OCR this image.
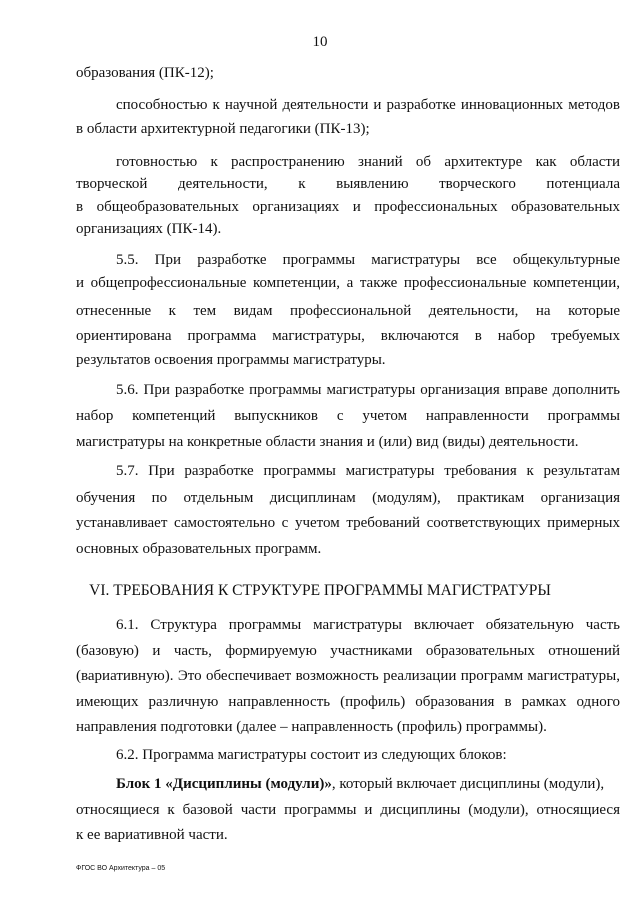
10
образования (ПК-12);
способностью к научной деятельности и разработке инновационных методов
в области архитектурной педагогики (ПК-13);
готовностью к распространению знаний об архитектуре как области
творческой деятельности, к выявлению творческого потенциала
в общеобразовательных организациях и профессиональных образовательных
организациях (ПК-14).
5.5. При разработке программы магистратуры все общекультурные
и общепрофессиональные компетенции, а также профессиональные компетенции,
отнесенные к тем видам профессиональной деятельности, на которые
ориентирована программа магистратуры, включаются в набор требуемых
результатов освоения программы магистратуры.
5.6. При разработке программы магистратуры организация вправе дополнить
набор компетенций выпускников с учетом направленности программы
магистратуры на конкретные области знания и (или) вид (виды) деятельности.
5.7. При разработке программы магистратуры требования к результатам
обучения по отдельным дисциплинам (модулям), практикам организация
устанавливает самостоятельно с учетом требований соответствующих примерных
основных образовательных программ.
VI. ТРЕБОВАНИЯ К СТРУКТУРЕ ПРОГРАММЫ МАГИСТРАТУРЫ
6.1. Структура программы магистратуры включает обязательную часть
(базовую) и часть, формируемую участниками образовательных отношений
(вариативную). Это обеспечивает возможность реализации программ магистратуры,
имеющих различную направленность (профиль) образования в рамках одного
направления подготовки (далее – направленность (профиль) программы).
6.2. Программа магистратуры состоит из следующих блоков:
Блок 1 «Дисциплины (модули)», который включает дисциплины (модули),
относящиеся к базовой части программы и дисциплины (модули), относящиеся
к ее вариативной части.
ФГОС ВО Архитектура – 05
